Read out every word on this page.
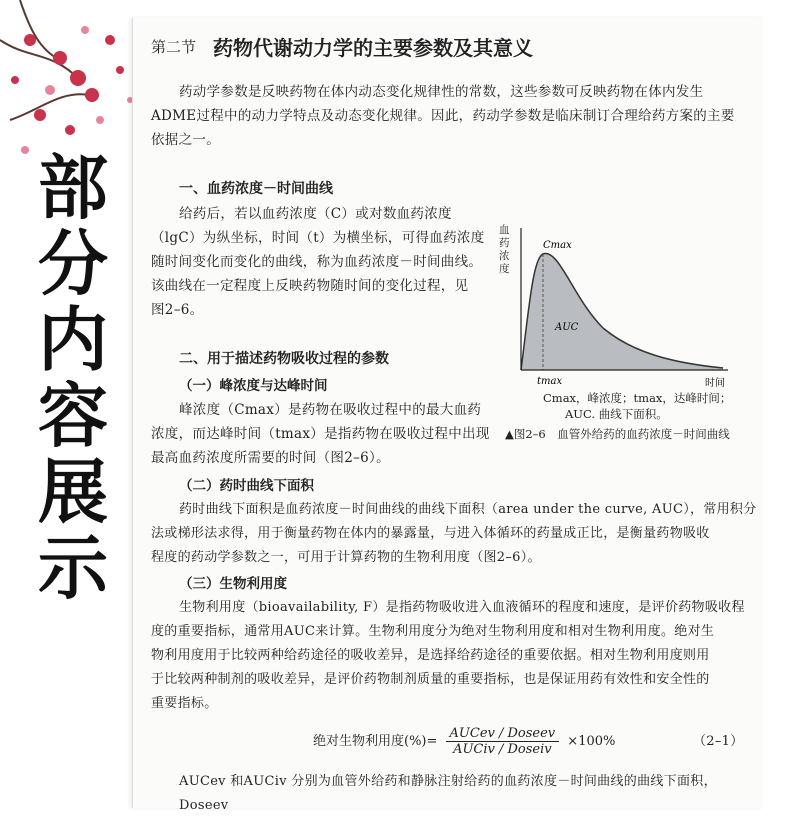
部
分
内
容
展
示
第二节 药物代谢动力学的主要参数及其意义
药动学参数是反映药物在体内动态变化规律性的常数，这些参数可反映药物在体内发生
ADME过程中的动力学特点及动态变化规律。因此，药动学参数是临床制订合理给药方案的主要
依据之一。
一、血药浓度－时间曲线
给药后，若以血药浓度（C）或对数血药浓度
（lgC）为纵坐标，时间（t）为横坐标，可得血药浓度
随时间变化而变化的曲线，称为血药浓度－时间曲线。
该曲线在一定程度上反映药物随时间的变化过程，见
图2–6。
二、用于描述药物吸收过程的参数
（一）峰浓度与达峰时间
峰浓度（Cmax）是药物在吸收过程中的最大血药
浓度，而达峰时间（tmax）是指药物在吸收过程中出现
最高血药浓度所需要的时间（图2–6）。
（二）药时曲线下面积
药时曲线下面积是血药浓度－时间曲线的曲线下面积（area under the curve, AUC），常用积分
法或梯形法求得，用于衡量药物在体内的暴露量，与进入体循环的药量成正比，是衡量药物吸收
程度的药动学参数之一，可用于计算药物的生物利用度（图2–6）。
（三）生物利用度
生物利用度（bioavailability, F）是指药物吸收进入血液循环的程度和速度，是评价药物吸收程
度的重要指标，通常用AUC来计算。生物利用度分为绝对生物利用度和相对生物利用度。绝对生
物利用度用于比较两种给药途径的吸收差异，是选择给药途径的重要依据。相对生物利用度则用
于比较两种制剂的吸收差异，是评价药物制剂质量的重要指标，也是保证用药有效性和安全性的
重要指标。
绝对生物利用度(%)= $\frac{\text{AUCev / Doseev}}{\text{AUCiv / Doseiv}} \times 100\%$	（2–1）
AUCev 和AUCiv 分别为血管外给药和静脉注射给药的血药浓度－时间曲线的曲线下面积，Doseev
Cmax
AUC
tmax	时间
血药浓度
Cmax，峰浓度；tmax，达峰时间；
AUC. 曲线下面积。
▲图2–6　血管外给药的血药浓度－时间曲线
